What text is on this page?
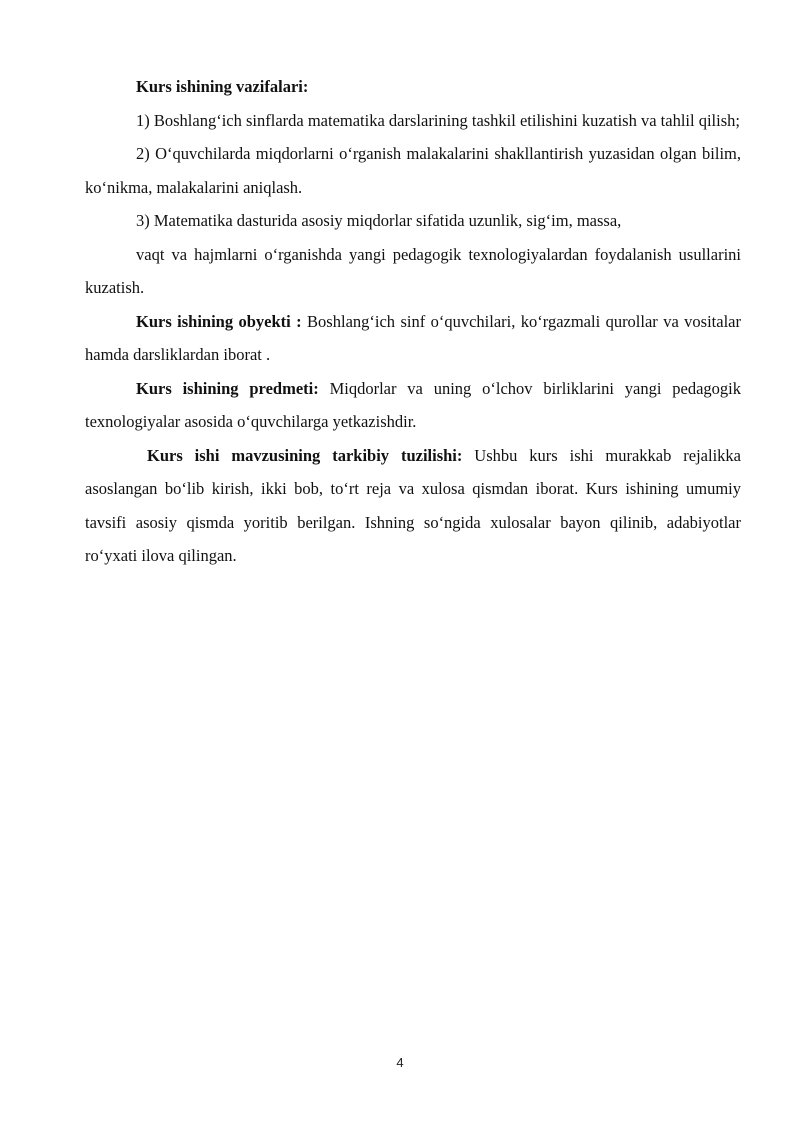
Kurs ishining vazifalari:

1) Boshlang‘ich sinflarda matematika darslarining tashkil etilishini kuzatish va tahlil qilish;

2) O‘quvchilarda miqdorlarni o‘rganish malakalarini shakllantirish yuzasidan olgan bilim, ko‘nikma, malakalarini aniqlash.

3) Matematika dasturida asosiy miqdorlar sifatida uzunlik, sig‘im, massa,

vaqt va hajmlarni o‘rganishda yangi pedagogik texnologiyalardan foydalanish usullarini kuzatish.

Kurs ishining obyekti : Boshlang‘ich sinf o‘quvchilari, ko‘rgazmali qurollar va vositalar hamda darsliklardan iborat .

Kurs ishining predmeti: Miqdorlar va uning o‘lchov birliklarini yangi pedagogik texnologiyalar asosida o‘quvchilarga yetkazishdir.

Kurs ishi mavzusining tarkibiy tuzilishi: Ushbu kurs ishi murakkab rejalikka asoslangan bo‘lib kirish, ikki bob, to‘rt reja va xulosa qismdan iborat. Kurs ishining umumiy tavsifi asosiy qismda yoritib berilgan. Ishning so‘ngida xulosalar bayon qilinib, adabiyotlar ro‘yxati ilova qilingan.

4
